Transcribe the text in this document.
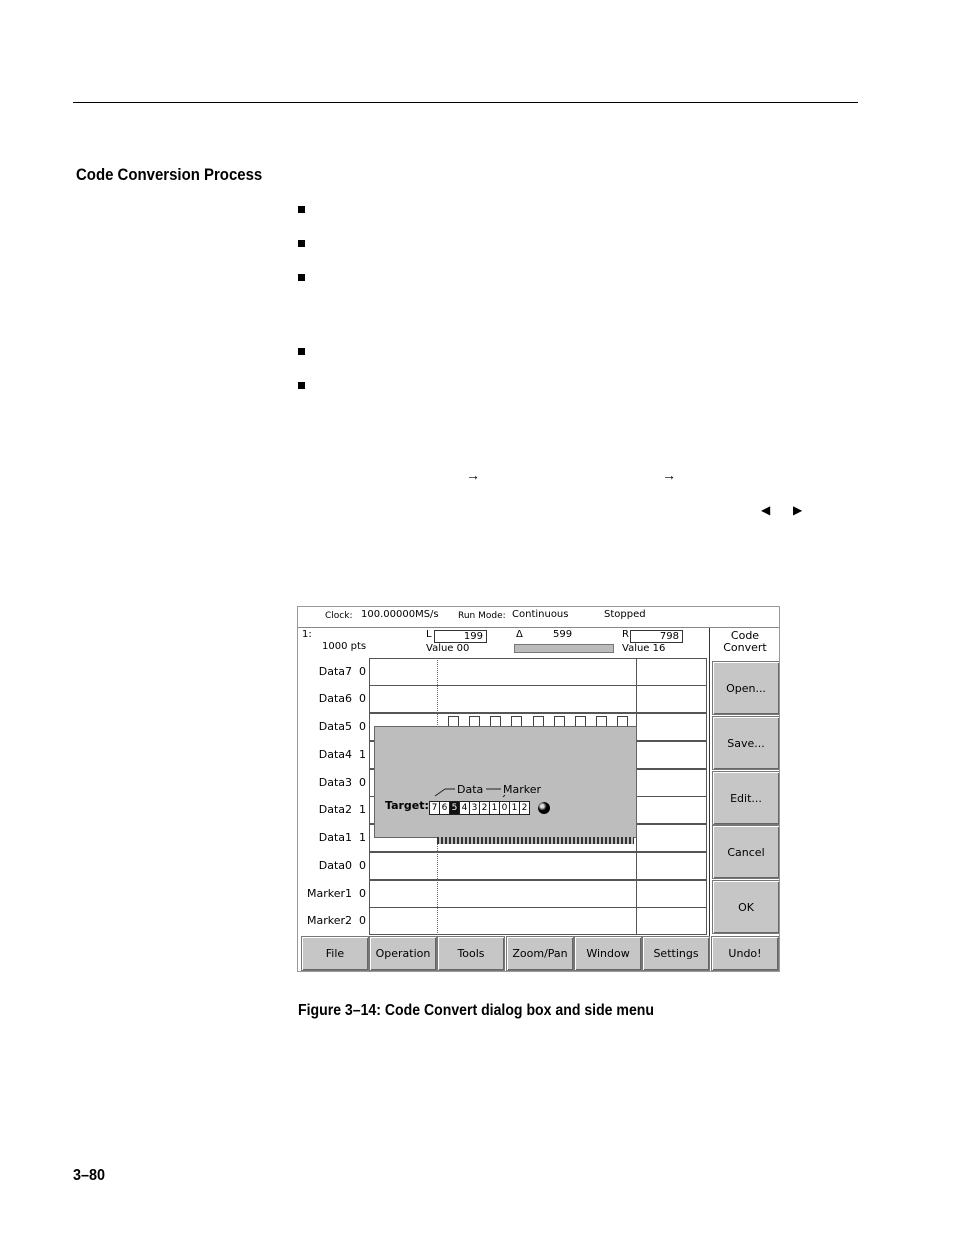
Code Conversion Process
→	→
◀ ▶
Clock: 100.00000MS/s Run Mode: Continuous	Stopped
1:
1000 pts
L	199	Δ	599	R	798
Value 00	Value 16
Data7 0
Data6 0
Data5 0
Data4 1
Data3 0
Data2 1
Data1 1
Data0 0
Marker1 0
Marker2 0
Data Marker
Target: 7 6 5 4 3 2 1 0 1 2
Code
Convert
Open...
Save...
Edit...
Cancel
OK
File	Operation	Tools	Zoom/Pan	Window	Settings	Undo!
Figure 3–14: Code Convert dialog box and side menu
3–80
